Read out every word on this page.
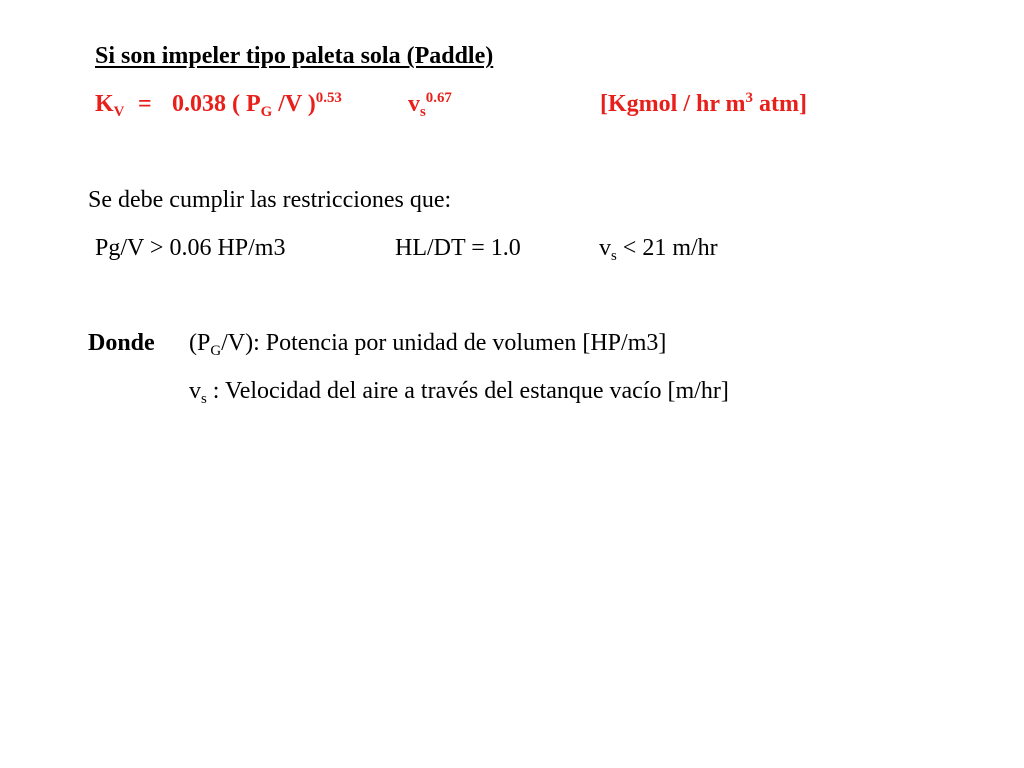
Si son impeler tipo paleta sola (Paddle)
$K_V = 0.038$ ( $P_G$ /V )$^{0.53}$	$v_s^{0.67}$	[Kgmol / hr $m^3$ atm]
Se debe cumplir las restricciones que:
Pg/V > 0.06 HP/m3	HL/DT = 1.0	$v_s < 21$ m/hr
Donde $(P_G/V)$: Potencia por unidad de volumen [HP/m3]
$v_s$ : Velocidad del aire a través del estanque vacío [m/hr]
